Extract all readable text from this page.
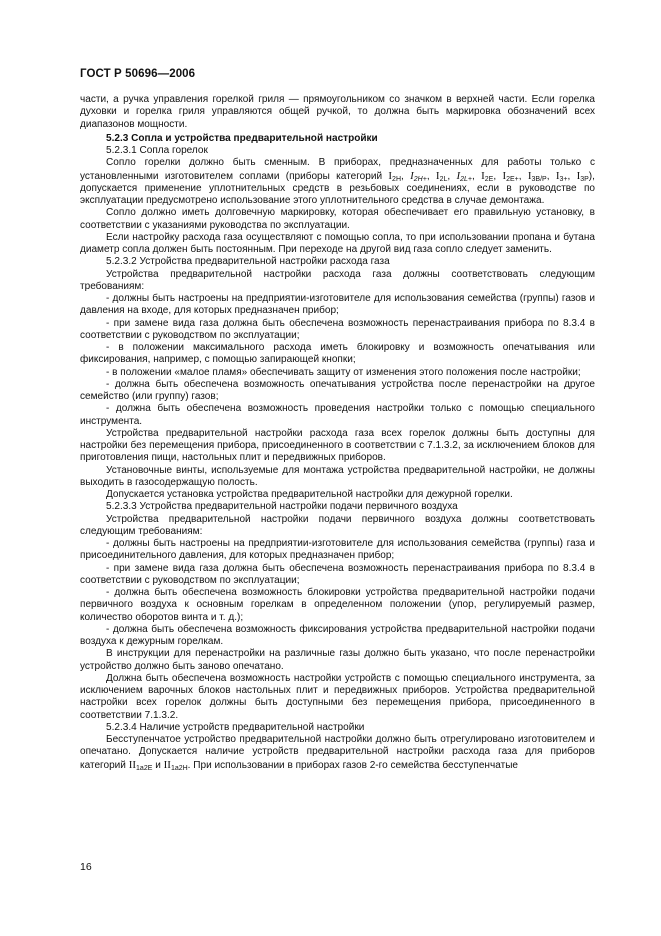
ГОСТ Р 50696—2006

части, а ручка управления горелкой гриля — прямоугольником со значком в верхней части. Если горелка духовки и горелка гриля управляются общей ручкой, то должна быть маркировка обозначений всех диапазонов мощности.

5.2.3 Сопла и устройства предварительной настройки

5.2.3.1 Сопла горелок

Сопло горелки должно быть сменным. В приборах, предназначенных для работы только с установленными изготовителем соплами (приборы категорий $I_{2H}$, $I_{2H+}$, $I_{2L}$, $I_{2L+}$, $I_{2E}$, $I_{2E+}$, $I_{3B/P}$, $I_{3+}$, $I_{3P}$), допускается применение уплотнительных средств в резьбовых соединениях, если в руководстве по эксплуатации предусмотрено использование этого уплотнительного средства в случае демонтажа.

Сопло должно иметь долговечную маркировку, которая обеспечивает его правильную установку, в соответствии с указаниями руководства по эксплуатации.

Если настройку расхода газа осуществляют с помощью сопла, то при использовании пропана и бутана диаметр сопла должен быть постоянным. При переходе на другой вид газа сопло следует заменить.

5.2.3.2 Устройства предварительной настройки расхода газа

Устройства предварительной настройки расхода газа должны соответствовать следующим требованиям:

- должны быть настроены на предприятии-изготовителе для использования семейства (группы) газов и давления на входе, для которых предназначен прибор;

- при замене вида газа должна быть обеспечена возможность перенастраивания прибора по 8.3.4 в соответствии с руководством по эксплуатации;

- в положении максимального расхода иметь блокировку и возможность опечатывания или фиксирования, например, с помощью запирающей кнопки;

- в положении «малое пламя» обеспечивать защиту от изменения этого положения после настройки;

- должна быть обеспечена возможность опечатывания устройства после перенастройки на другое семейство (или группу) газов;

- должна быть обеспечена возможность проведения настройки только с помощью специального инструмента.

Устройства предварительной настройки расхода газа всех горелок должны быть доступны для настройки без перемещения прибора, присоединенного в соответствии с 7.1.3.2, за исключением блоков для приготовления пищи, настольных плит и передвижных приборов.

Установочные винты, используемые для монтажа устройства предварительной настройки, не должны выходить в газосодержащую полость.

Допускается установка устройства предварительной настройки для дежурной горелки.

5.2.3.3 Устройства предварительной настройки подачи первичного воздуха

Устройства предварительной настройки подачи первичного воздуха должны соответствовать следующим требованиям:

- должны быть настроены на предприятии-изготовителе для использования семейства (группы) газа и присоединительного давления, для которых предназначен прибор;

- при замене вида газа должна быть обеспечена возможность перенастраивания прибора по 8.3.4 в соответствии с руководством по эксплуатации;

- должна быть обеспечена возможность блокировки устройства предварительной настройки подачи первичного воздуха к основным горелкам в определенном положении (упор, регулируемый размер, количество оборотов винта и т. д.);

- должна быть обеспечена возможность фиксирования устройства предварительной настройки подачи воздуха к дежурным горелкам.

В инструкции для перенастройки на различные газы должно быть указано, что после перенастройки устройство должно быть заново опечатано.

Должна быть обеспечена возможность настройки устройств с помощью специального инструмента, за исключением варочных блоков настольных плит и передвижных приборов. Устройства предварительной настройки всех горелок должны быть доступными без перемещения прибора, присоединенного в соответствии 7.1.3.2.

5.2.3.4 Наличие устройств предварительной настройки

Бесступенчатое устройство предварительной настройки должно быть отрегулировано изготовителем и опечатано. Допускается наличие устройств предварительной настройки расхода газа для приборов категорий $II_{1a2E}$ и $II_{1a2H}$. При использовании в приборах газов 2-го семейства бесступенчатые

16
